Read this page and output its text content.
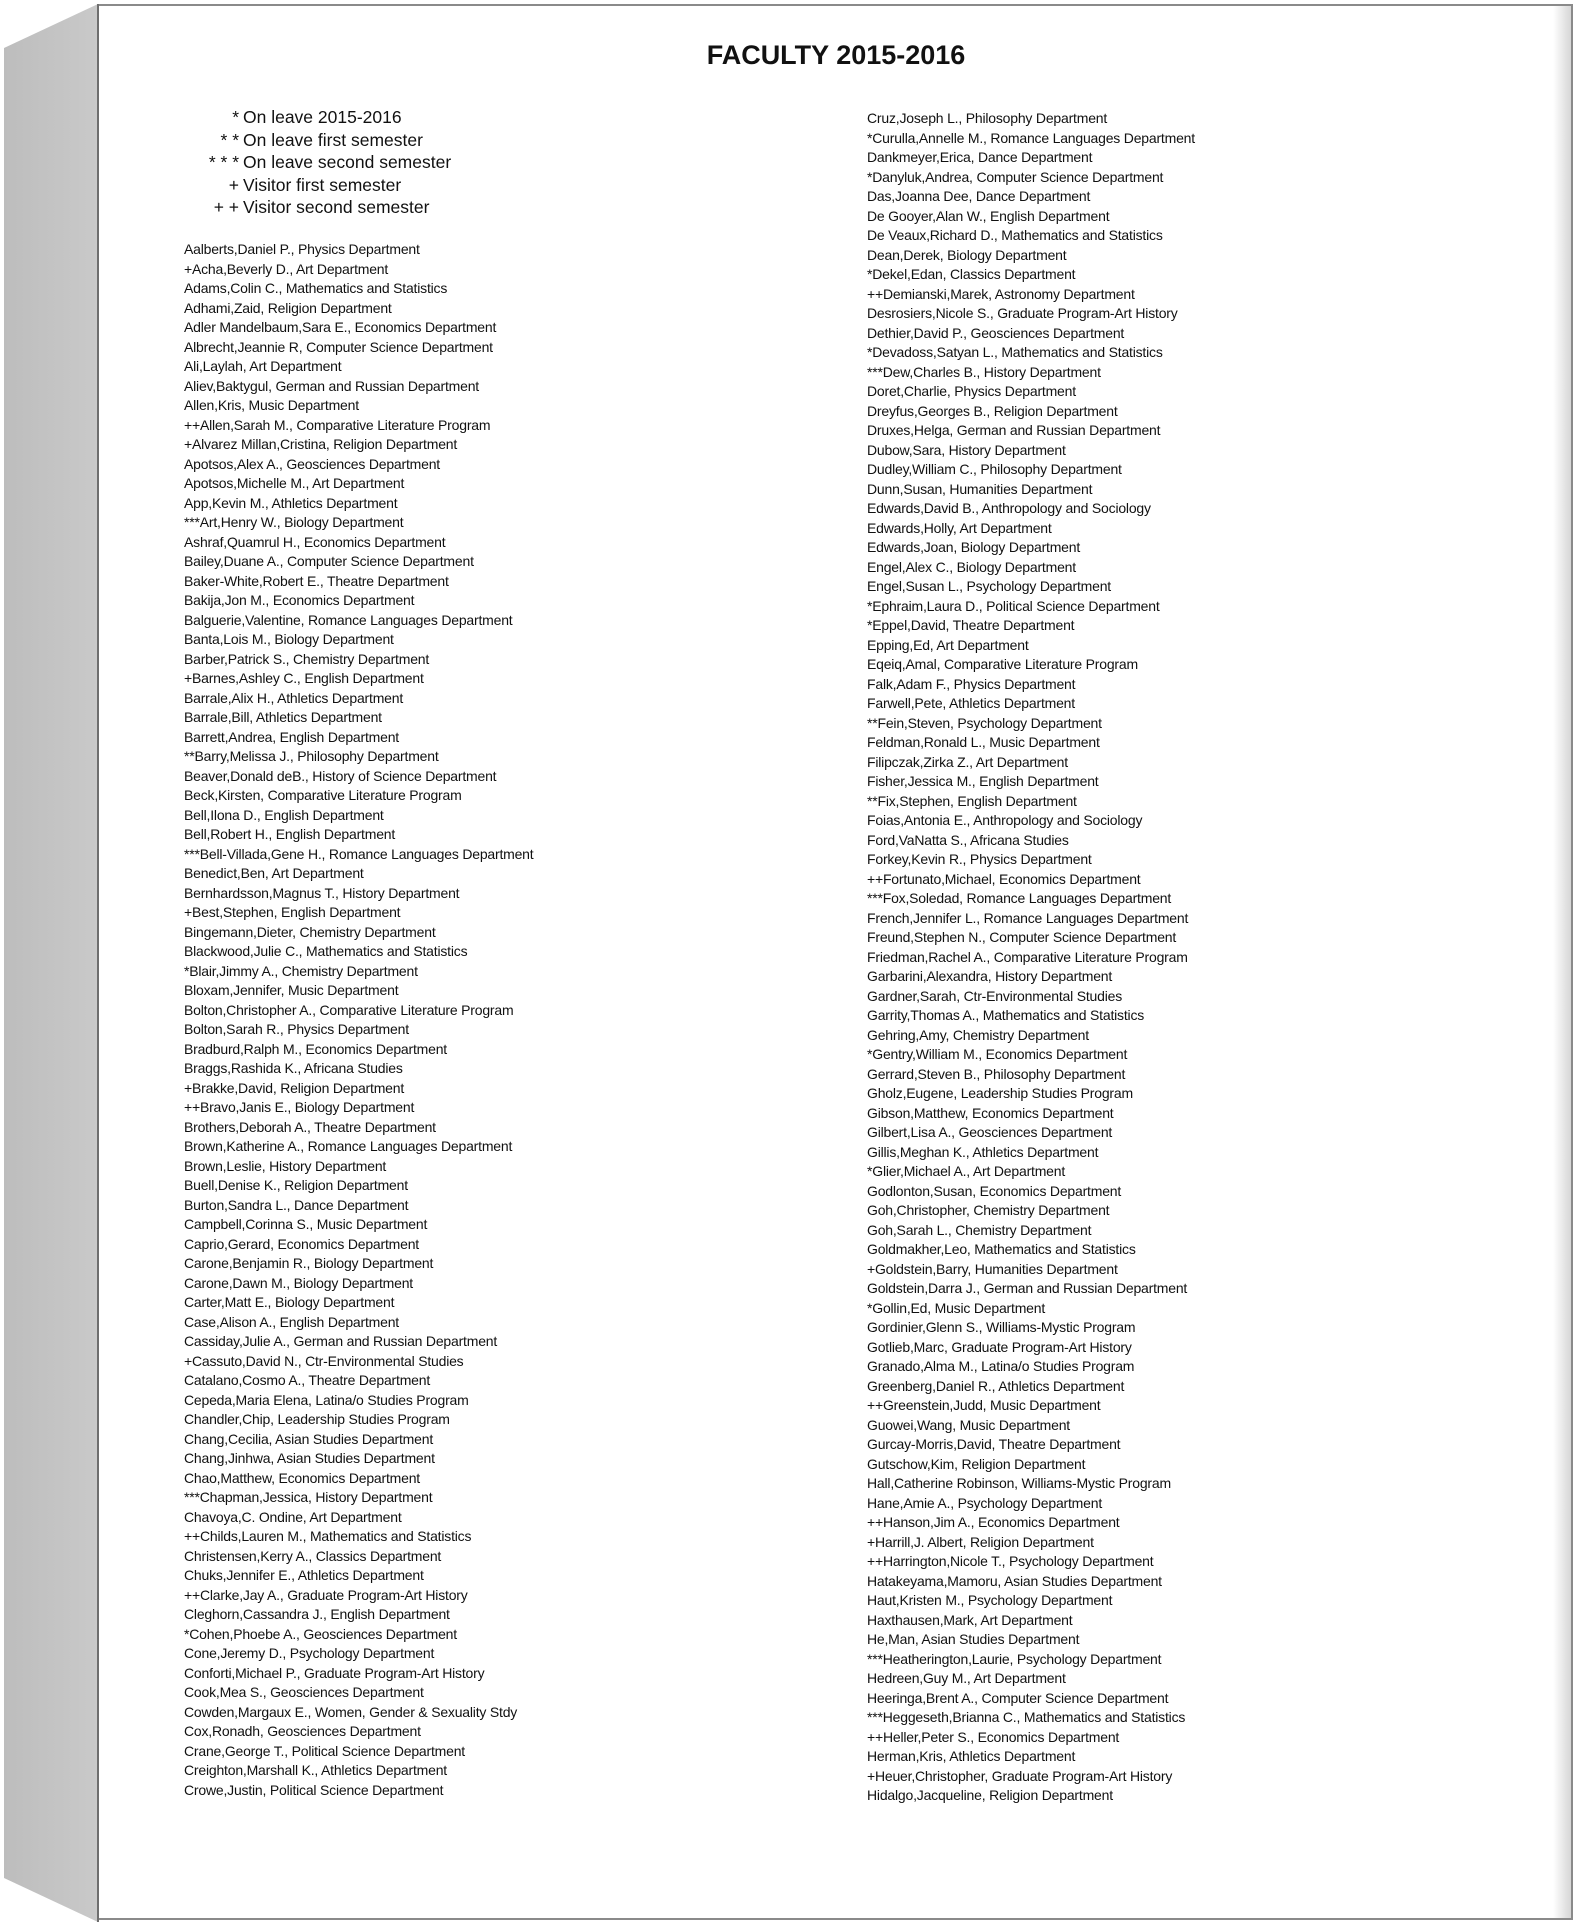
FACULTY 2015-2016
* On leave 2015-2016
* * On leave first semester
* * * On leave second semester
+ Visitor first semester
+ + Visitor second semester
Aalberts,Daniel P., Physics Department
+Acha,Beverly D., Art Department
Adams,Colin C., Mathematics and Statistics
Adhami,Zaid, Religion Department
Adler Mandelbaum,Sara E., Economics Department
Albrecht,Jeannie R, Computer Science Department
Ali,Laylah, Art Department
Aliev,Baktygul, German and Russian Department
Allen,Kris, Music Department
++Allen,Sarah M., Comparative Literature Program
+Alvarez Millan,Cristina, Religion Department
Apotsos,Alex A., Geosciences Department
Apotsos,Michelle M., Art Department
App,Kevin M., Athletics Department
***Art,Henry W., Biology Department
Ashraf,Quamrul H., Economics Department
Bailey,Duane A., Computer Science Department
Baker-White,Robert E., Theatre Department
Bakija,Jon M., Economics Department
Balguerie,Valentine, Romance Languages Department
Banta,Lois M., Biology Department
Barber,Patrick S., Chemistry Department
+Barnes,Ashley C., English Department
Barrale,Alix H., Athletics Department
Barrale,Bill, Athletics Department
Barrett,Andrea, English Department
**Barry,Melissa J., Philosophy Department
Beaver,Donald deB., History of Science Department
Beck,Kirsten, Comparative Literature Program
Bell,Ilona D., English Department
Bell,Robert H., English Department
***Bell-Villada,Gene H., Romance Languages Department
Benedict,Ben, Art Department
Bernhardsson,Magnus T., History Department
+Best,Stephen, English Department
Bingemann,Dieter, Chemistry Department
Blackwood,Julie C., Mathematics and Statistics
*Blair,Jimmy A., Chemistry Department
Bloxam,Jennifer, Music Department
Bolton,Christopher A., Comparative Literature Program
Bolton,Sarah R., Physics Department
Bradburd,Ralph M., Economics Department
Braggs,Rashida K., Africana Studies
+Brakke,David, Religion Department
++Bravo,Janis E., Biology Department
Brothers,Deborah A., Theatre Department
Brown,Katherine A., Romance Languages Department
Brown,Leslie, History Department
Buell,Denise K., Religion Department
Burton,Sandra L., Dance Department
Campbell,Corinna S., Music Department
Caprio,Gerard, Economics Department
Carone,Benjamin R., Biology Department
Carone,Dawn M., Biology Department
Carter,Matt E., Biology Department
Case,Alison A., English Department
Cassiday,Julie A., German and Russian Department
+Cassuto,David N., Ctr-Environmental Studies
Catalano,Cosmo A., Theatre Department
Cepeda,Maria Elena, Latina/o Studies Program
Chandler,Chip, Leadership Studies Program
Chang,Cecilia, Asian Studies Department
Chang,Jinhwa, Asian Studies Department
Chao,Matthew, Economics Department
***Chapman,Jessica, History Department
Chavoya,C. Ondine, Art Department
++Childs,Lauren M., Mathematics and Statistics
Christensen,Kerry A., Classics Department
Chuks,Jennifer E., Athletics Department
++Clarke,Jay A., Graduate Program-Art History
Cleghorn,Cassandra J., English Department
*Cohen,Phoebe A., Geosciences Department
Cone,Jeremy D., Psychology Department
Conforti,Michael P., Graduate Program-Art History
Cook,Mea S., Geosciences Department
Cowden,Margaux E., Women, Gender & Sexuality Stdy
Cox,Ronadh, Geosciences Department
Crane,George T., Political Science Department
Creighton,Marshall K., Athletics Department
Crowe,Justin, Political Science Department
Cruz,Joseph L., Philosophy Department
*Curulla,Annelle M., Romance Languages Department
Dankmeyer,Erica, Dance Department
*Danyluk,Andrea, Computer Science Department
Das,Joanna Dee, Dance Department
De Gooyer,Alan W., English Department
De Veaux,Richard D., Mathematics and Statistics
Dean,Derek, Biology Department
*Dekel,Edan, Classics Department
++Demianski,Marek, Astronomy Department
Desrosiers,Nicole S., Graduate Program-Art History
Dethier,David P., Geosciences Department
*Devadoss,Satyan L., Mathematics and Statistics
***Dew,Charles B., History Department
Doret,Charlie, Physics Department
Dreyfus,Georges B., Religion Department
Druxes,Helga, German and Russian Department
Dubow,Sara, History Department
Dudley,William C., Philosophy Department
Dunn,Susan, Humanities Department
Edwards,David B., Anthropology and Sociology
Edwards,Holly, Art Department
Edwards,Joan, Biology Department
Engel,Alex C., Biology Department
Engel,Susan L., Psychology Department
*Ephraim,Laura D., Political Science Department
*Eppel,David, Theatre Department
Epping,Ed, Art Department
Eqeiq,Amal, Comparative Literature Program
Falk,Adam F., Physics Department
Farwell,Pete, Athletics Department
**Fein,Steven, Psychology Department
Feldman,Ronald L., Music Department
Filipczak,Zirka Z., Art Department
Fisher,Jessica M., English Department
**Fix,Stephen, English Department
Foias,Antonia E., Anthropology and Sociology
Ford,VaNatta S., Africana Studies
Forkey,Kevin R., Physics Department
++Fortunato,Michael, Economics Department
***Fox,Soledad, Romance Languages Department
French,Jennifer L., Romance Languages Department
Freund,Stephen N., Computer Science Department
Friedman,Rachel A., Comparative Literature Program
Garbarini,Alexandra, History Department
Gardner,Sarah, Ctr-Environmental Studies
Garrity,Thomas A., Mathematics and Statistics
Gehring,Amy, Chemistry Department
*Gentry,William M., Economics Department
Gerrard,Steven B., Philosophy Department
Gholz,Eugene, Leadership Studies Program
Gibson,Matthew, Economics Department
Gilbert,Lisa A., Geosciences Department
Gillis,Meghan K., Athletics Department
*Glier,Michael A., Art Department
Godlonton,Susan, Economics Department
Goh,Christopher, Chemistry Department
Goh,Sarah L., Chemistry Department
Goldmakher,Leo, Mathematics and Statistics
+Goldstein,Barry, Humanities Department
Goldstein,Darra J., German and Russian Department
*Gollin,Ed, Music Department
Gordinier,Glenn S., Williams-Mystic Program
Gotlieb,Marc, Graduate Program-Art History
Granado,Alma M., Latina/o Studies Program
Greenberg,Daniel R., Athletics Department
++Greenstein,Judd, Music Department
Guowei,Wang, Music Department
Gurcay-Morris,David, Theatre Department
Gutschow,Kim, Religion Department
Hall,Catherine Robinson, Williams-Mystic Program
Hane,Amie A., Psychology Department
++Hanson,Jim A., Economics Department
+Harrill,J. Albert, Religion Department
++Harrington,Nicole T., Psychology Department
Hatakeyama,Mamoru, Asian Studies Department
Haut,Kristen M., Psychology Department
Haxthausen,Mark, Art Department
He,Man, Asian Studies Department
***Heatherington,Laurie, Psychology Department
Hedreen,Guy M., Art Department
Heeringa,Brent A., Computer Science Department
***Heggeseth,Brianna C., Mathematics and Statistics
++Heller,Peter S., Economics Department
Herman,Kris, Athletics Department
+Heuer,Christopher, Graduate Program-Art History
Hidalgo,Jacqueline, Religion Department
